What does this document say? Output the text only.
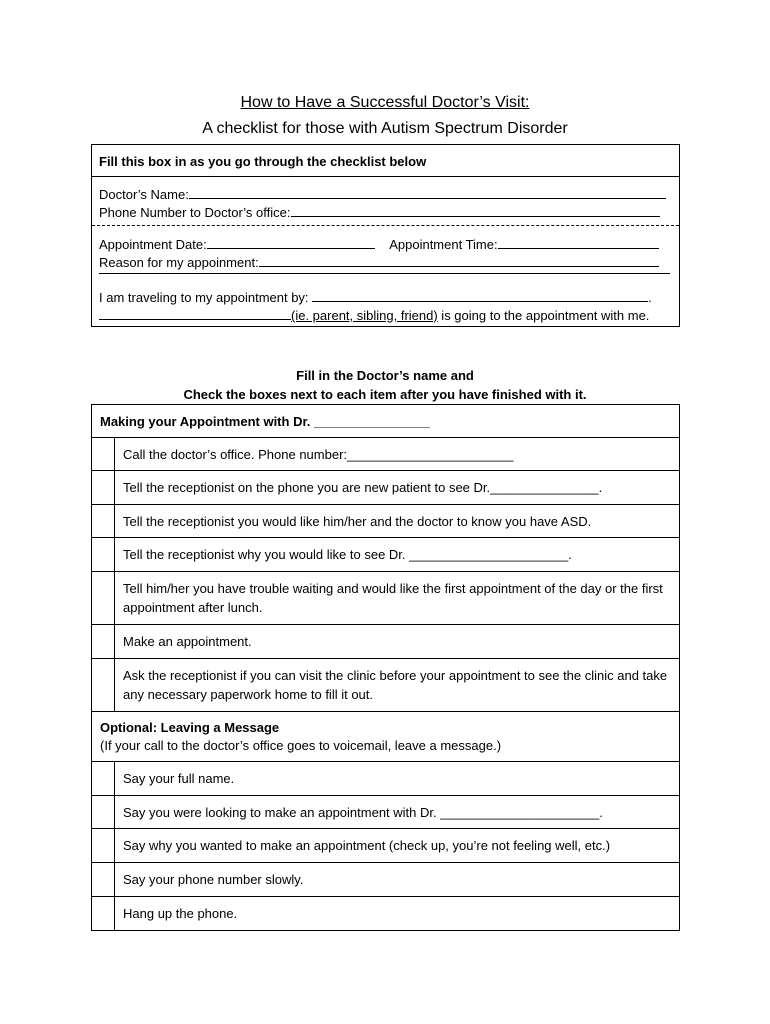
How to Have a Successful Doctor’s Visit:
A checklist for those with Autism Spectrum Disorder
Fill this box in as you go through the checklist below
Doctor’s Name:
Phone Number to Doctor’s office:
Appointment Date:	Appointment Time:
Reason for my appoinment:
I am traveling to my appointment by:	.
(ie. parent, sibling, friend) is going to the appointment with me.
Fill in the Doctor’s name and
Check the boxes next to each item after you have finished with it.
Making your Appointment with Dr. ________________	
	Call the doctor’s office. Phone number:_______________________
	Tell the receptionist on the phone you are new patient to see Dr._______________.
	Tell the receptionist you would like him/her and the doctor to know you have ASD.
	Tell the receptionist why you would like to see Dr. ______________________.
	Tell him/her you have trouble waiting and would like the first appointment of the day or the first appointment after lunch.
	Make an appointment.
	Ask the receptionist if you can visit the clinic before your appointment to see the clinic and take any necessary paperwork home to fill it out.

Optional: Leaving a Message
(If your call to the doctor’s office goes to voicemail, leave a message.)	

	Say your full name.
	Say you were looking to make an appointment with Dr. ______________________.
	Say why you wanted to make an appointment (check up, you’re not feeling well, etc.)
	Say your phone number slowly.
	Hang up the phone.
